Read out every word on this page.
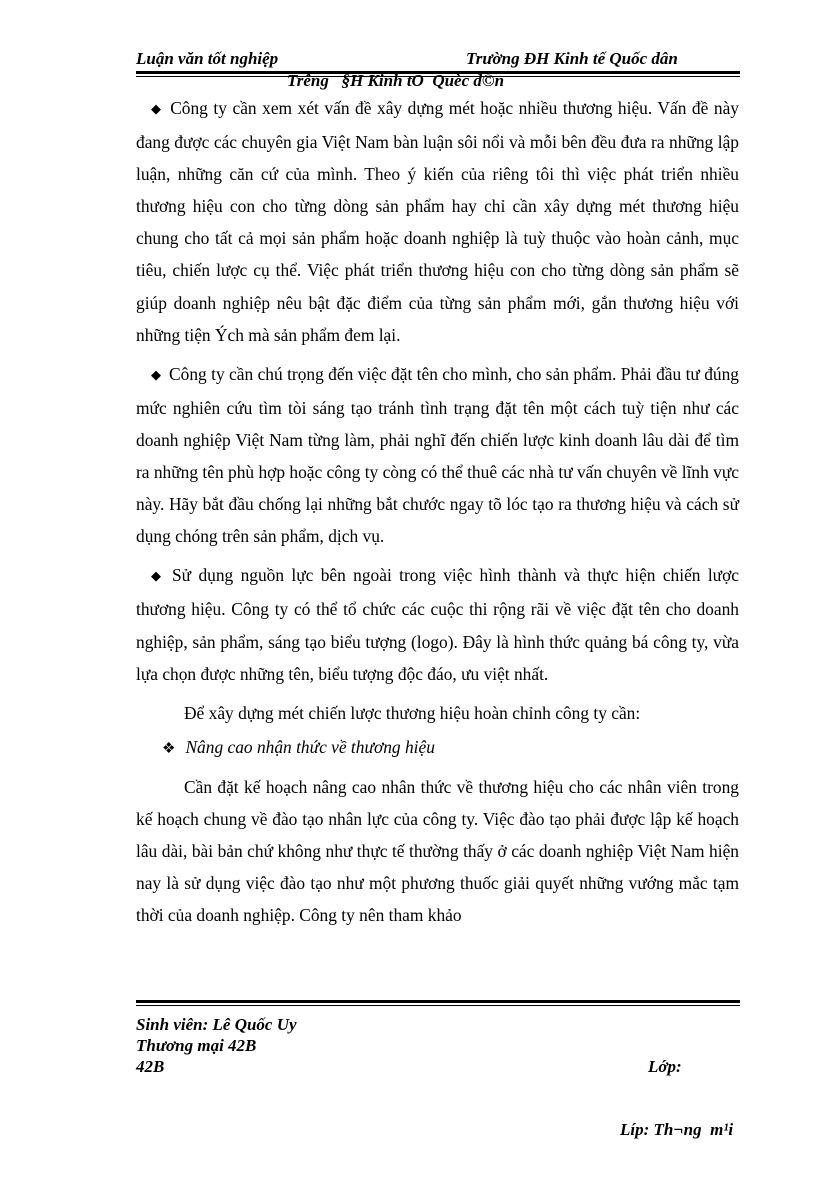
Luận văn tốt nghiệp	Trường ĐH Kinh tế Quốc dân
Trêng   §H Kinh tÕ  Quèc d©n

◆ Công ty cần xem xét vấn đề xây dựng mét hoặc nhiều thương hiệu. Vấn đề này đang được các chuyên gia Việt Nam bàn luận sôi nổi và mỗi bên đều đưa ra những lập luận, những căn cứ của mình. Theo ý kiến của riêng tôi thì việc phát triển nhiều thương hiệu con cho từng dòng sản phẩm hay chỉ cần xây dựng mét thương hiệu chung cho tất cả mọi sản phẩm hoặc doanh nghiệp là tuỳ thuộc vào hoàn cảnh, mục tiêu, chiến lược cụ thể. Việc phát triển thương hiệu con cho từng dòng sản phẩm sẽ giúp doanh nghiệp nêu bật đặc điểm của từng sản phẩm mới, gắn thương hiệu với những tiện Ých mà sản phẩm đem lại.

◆ Công ty cần chú trọng đến việc đặt tên cho mình, cho sản phẩm. Phải đầu tư đúng mức nghiên cứu tìm tòi sáng tạo tránh tình trạng đặt tên một cách tuỳ tiện như các doanh nghiệp Việt Nam từng làm, phải nghĩ đến chiến lược kinh doanh lâu dài để tìm ra những tên phù hợp hoặc công ty còng có thể thuê các nhà tư vấn chuyên về lĩnh vực này. Hãy bắt đầu chống lại những bắt chước ngay tõ lóc tạo ra thương hiệu và cách sử dụng chóng trên sản phẩm, dịch vụ.

◆ Sử dụng nguồn lực bên ngoài trong việc hình thành và thực hiện chiến lược thương hiệu. Công ty có thể tổ chức các cuộc thi rộng rãi về việc đặt tên cho doanh nghiệp, sản phẩm, sáng tạo biểu tượng (logo). Đây là hình thức quảng bá công ty, vừa lựa chọn được những tên, biểu tượng độc đáo, ưu việt nhất.

Để xây dựng mét chiến lược thương hiệu hoàn chỉnh công ty cần:

❖ Nâng cao nhận thức về thương hiệu

Cần đặt kế hoạch nâng cao nhân thức về thương hiệu cho các nhân viên trong kế hoạch chung về đào tạo nhân lực của công ty. Việc đào tạo phải được lập kế hoạch lâu dài, bài bản chứ không như thực tế thường thấy ở các doanh nghiệp Việt Nam hiện nay là sử dụng việc đào tạo như một phương thuốc giải quyết những vướng mắc tạm thời của doanh nghiệp. Công ty nên tham khảo

Sinh viên: Lê Quốc Uy
Thương mại 42B
42B

	Lớp:

Líp: Th¬ng  m¹i
